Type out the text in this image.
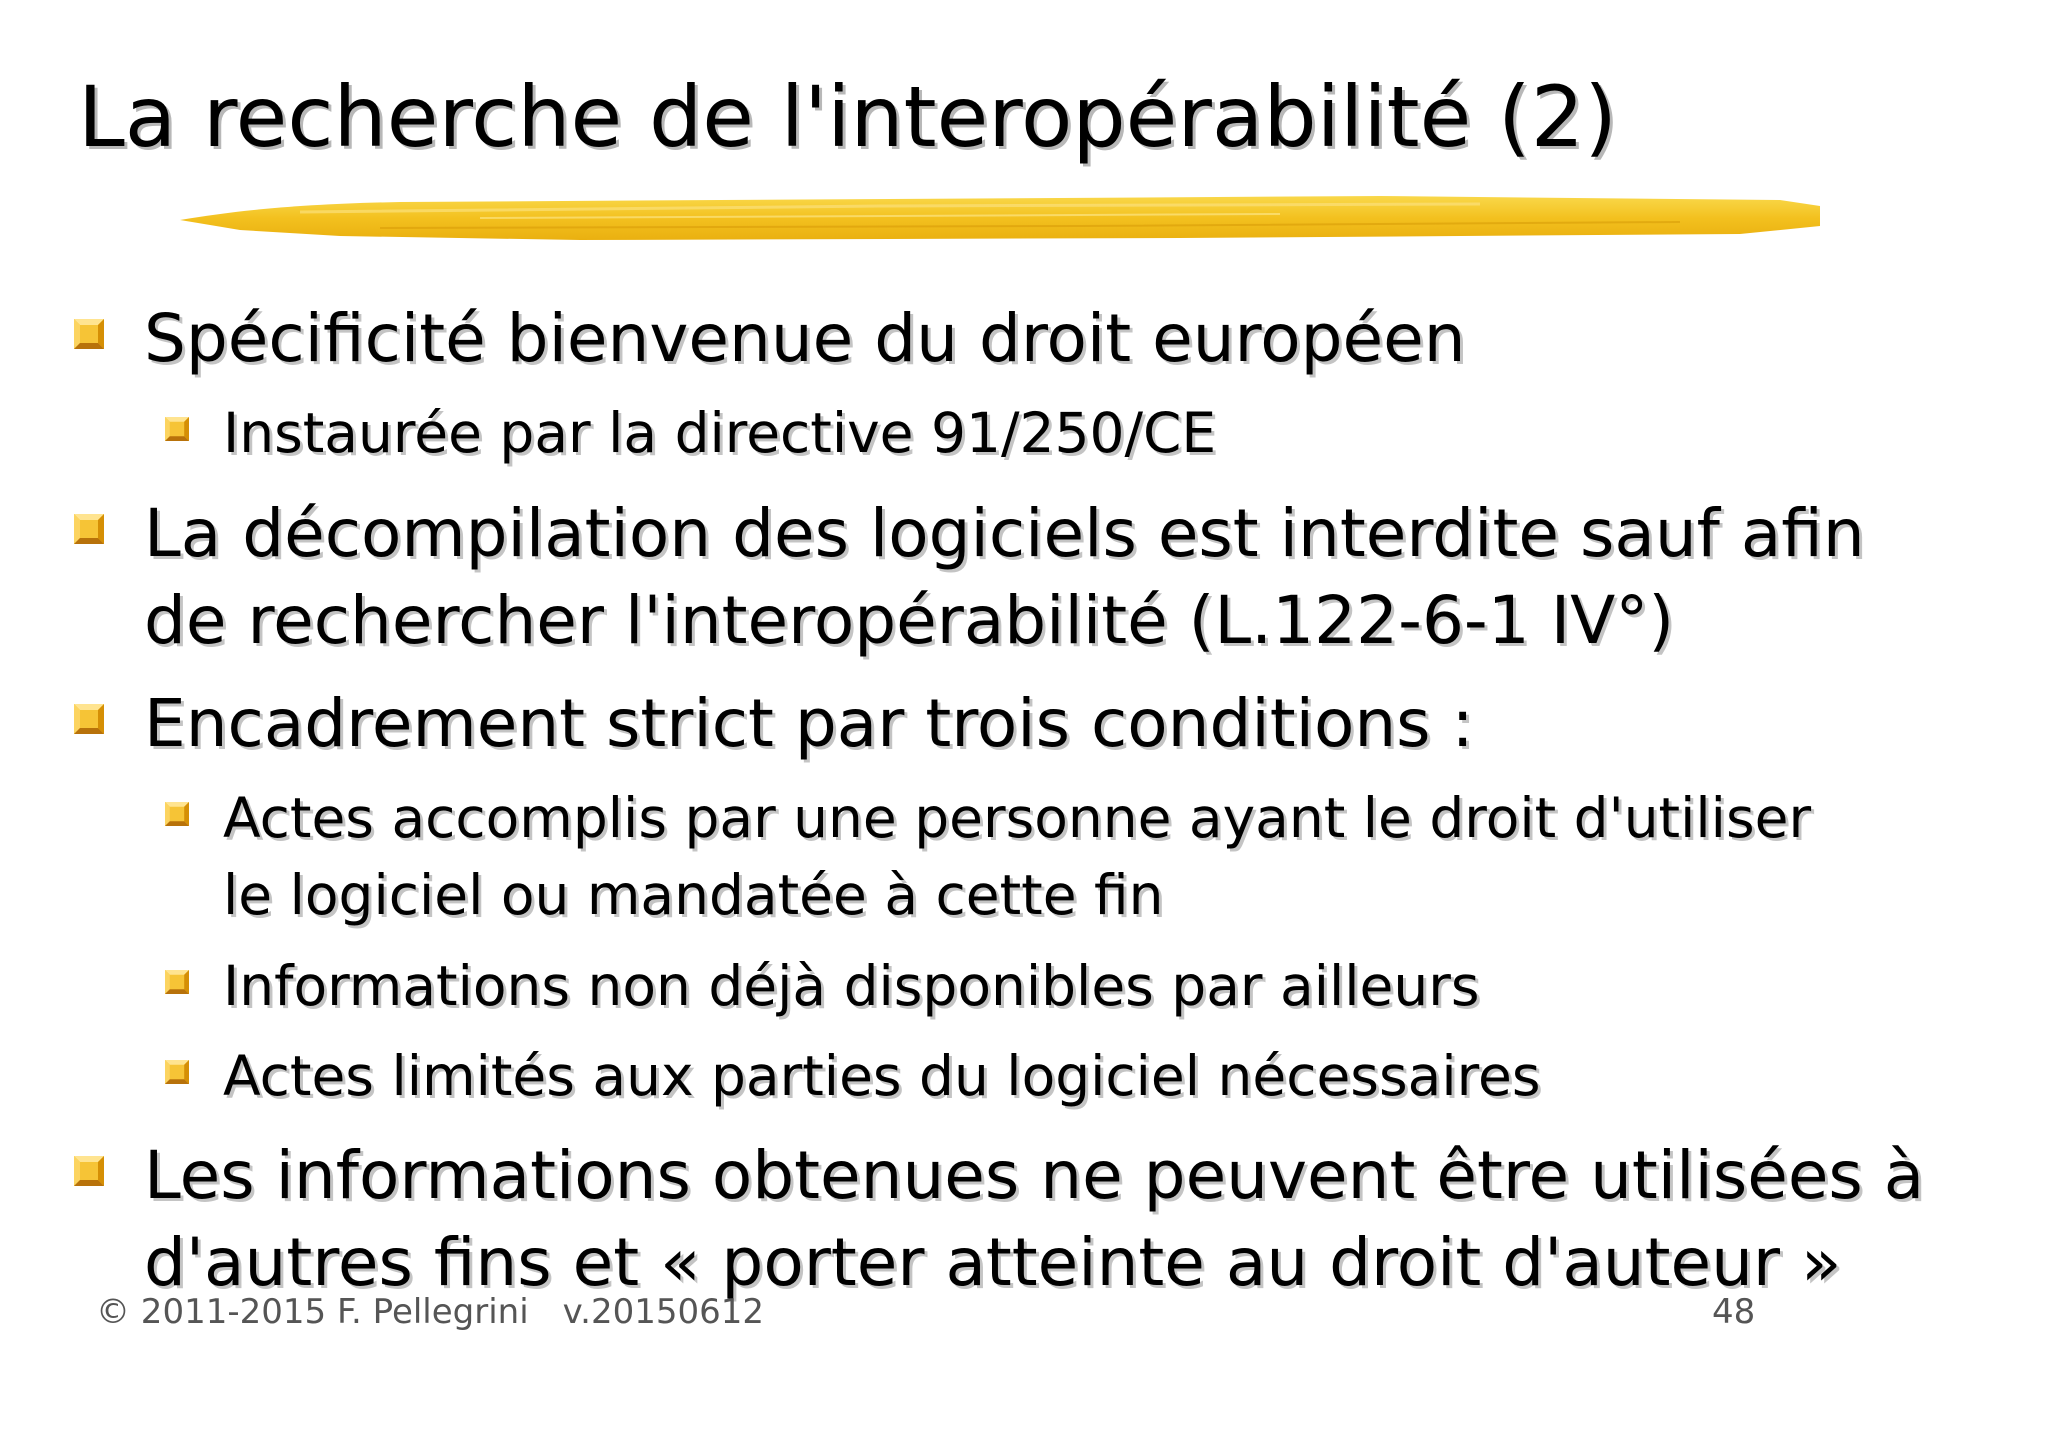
La recherche de l'interopérabilité (2)
Spécificité bienvenue du droit européen
Instaurée par la directive 91/250/CE
La décompilation des logiciels est interdite sauf afin
de rechercher l'interopérabilité (L.122-6-1 IV°)
Encadrement strict par trois conditions :
Actes accomplis par une personne ayant le droit d'utiliser
le logiciel ou mandatée à cette fin
Informations non déjà disponibles par ailleurs
Actes limités aux parties du logiciel nécessaires
Les informations obtenues ne peuvent être utilisées à
d'autres fins et « porter atteinte au droit d'auteur »
© 2011-2015 F. Pellegrini v.20150612	48
